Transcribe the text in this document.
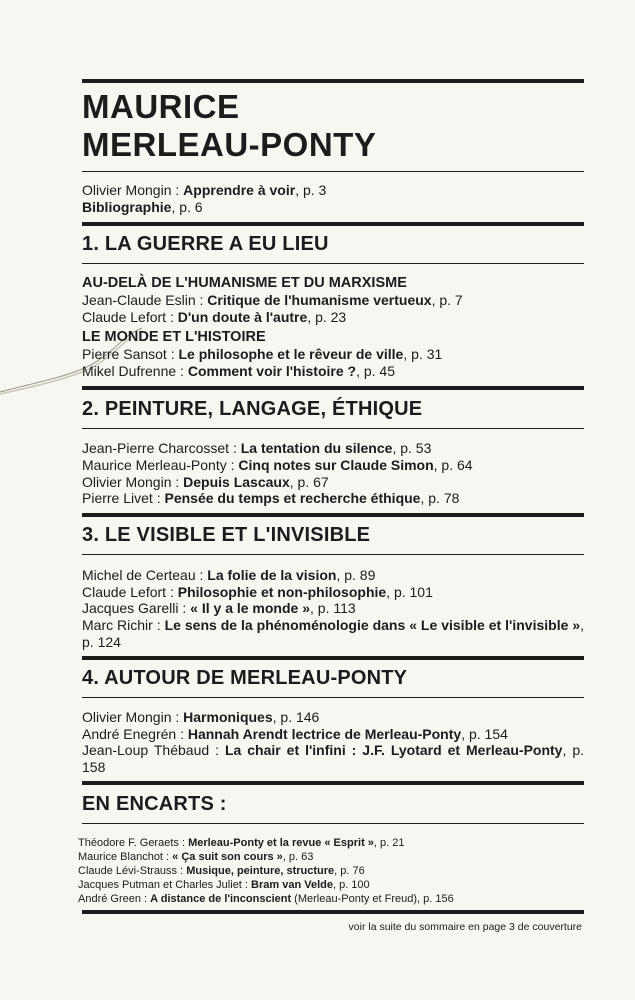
MAURICE
MERLEAU-PONTY
Olivier Mongin : Apprendre à voir, p. 3
Bibliographie, p. 6
1. LA GUERRE A EU LIEU
AU-DELÀ DE L'HUMANISME ET DU MARXISME
Jean-Claude Eslin : Critique de l'humanisme vertueux, p. 7
Claude Lefort : D'un doute à l'autre, p. 23
LE MONDE ET L'HISTOIRE
Pierre Sansot : Le philosophe et le rêveur de ville, p. 31
Mikel Dufrenne : Comment voir l'histoire ?, p. 45
2. PEINTURE, LANGAGE, ÉTHIQUE
Jean-Pierre Charcosset : La tentation du silence, p. 53
Maurice Merleau-Ponty : Cinq notes sur Claude Simon, p. 64
Olivier Mongin : Depuis Lascaux, p. 67
Pierre Livet : Pensée du temps et recherche éthique, p. 78
3. LE VISIBLE ET L'INVISIBLE
Michel de Certeau : La folie de la vision, p. 89
Claude Lefort : Philosophie et non-philosophie, p. 101
Jacques Garelli : « Il y a le monde », p. 113
Marc Richir : Le sens de la phénoménologie dans « Le visible et l'invisible », p. 124
4. AUTOUR DE MERLEAU-PONTY
Olivier Mongin : Harmoniques, p. 146
André Enegrén : Hannah Arendt lectrice de Merleau-Ponty, p. 154
Jean-Loup Thébaud : La chair et l'infini : J.F. Lyotard et Merleau-Ponty, p. 158
EN ENCARTS :
Théodore F. Geraets : Merleau-Ponty et la revue « Esprit », p. 21
Maurice Blanchot : « Ça suit son cours », p. 63
Claude Lévi-Strauss : Musique, peinture, structure, p. 76
Jacques Putman et Charles Juliet : Bram van Velde, p. 100
André Green : A distance de l'inconscient (Merleau-Ponty et Freud), p. 156
voir la suite du sommaire en page 3 de couverture
